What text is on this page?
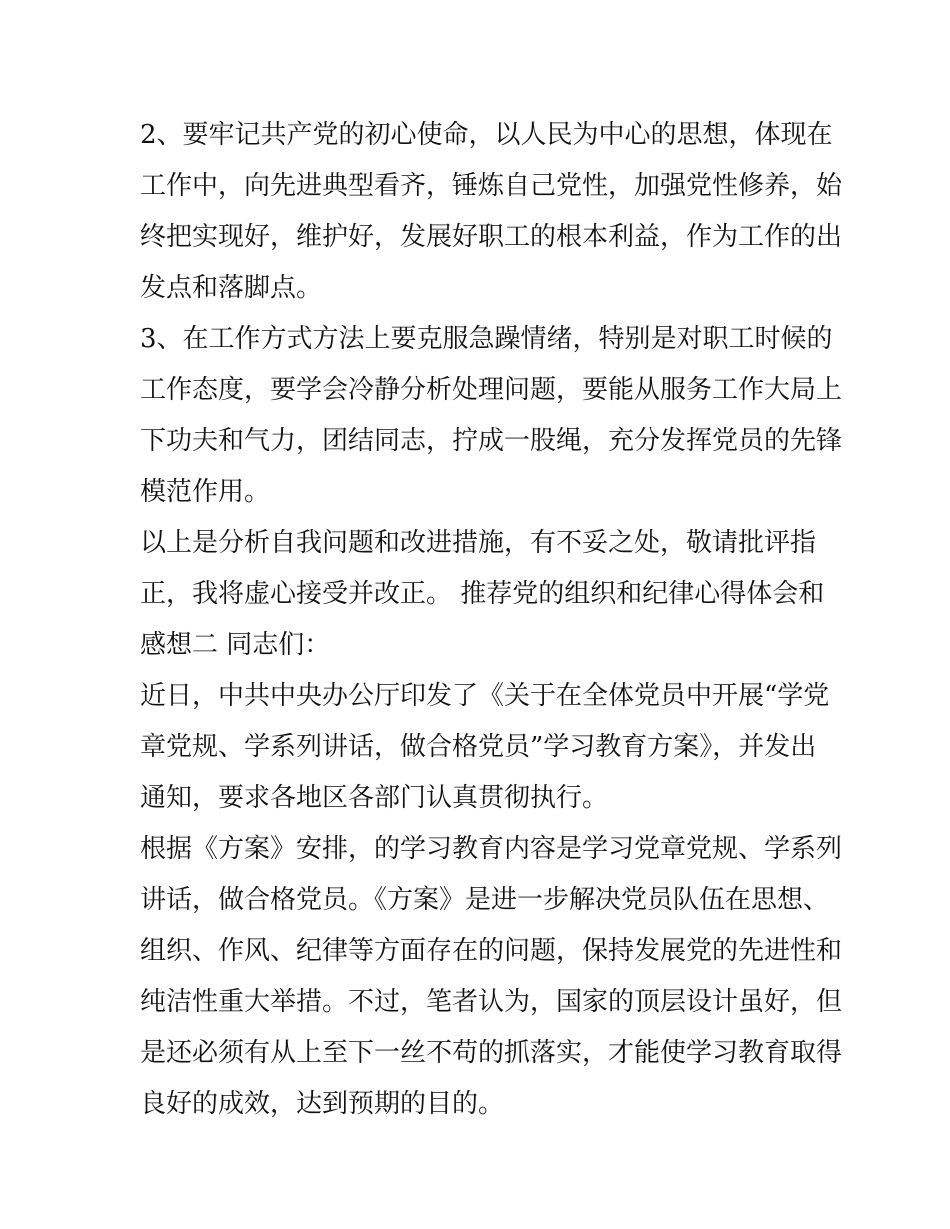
2、要牢记共产党的初心使命，以人民为中心的思想，体现在
工作中，向先进典型看齐，锤炼自己党性，加强党性修养，始
终把实现好，维护好，发展好职工的根本利益，作为工作的出
发点和落脚点。
3、在工作方式方法上要克服急躁情绪，特别是对职工时候的
工作态度，要学会冷静分析处理问题，要能从服务工作大局上
下功夫和气力，团结同志，拧成一股绳，充分发挥党员的先锋
模范作用。
以上是分析自我问题和改进措施，有不妥之处，敬请批评指
正，我将虚心接受并改正。 推荐党的组织和纪律心得体会和
感想二 同志们：
近日，中共中央办公厅印发了《关于在全体党员中开展“学党
章党规、学系列讲话，做合格党员”学习教育方案》，并发出
通知，要求各地区各部门认真贯彻执行。
根据《方案》安排，的学习教育内容是学习党章党规、学系列
讲话，做合格党员。《方案》是进一步解决党员队伍在思想、
组织、作风、纪律等方面存在的问题，保持发展党的先进性和
纯洁性重大举措。不过，笔者认为，国家的顶层设计虽好，但
是还必须有从上至下一丝不苟的抓落实，才能使学习教育取得
良好的成效，达到预期的目的。
